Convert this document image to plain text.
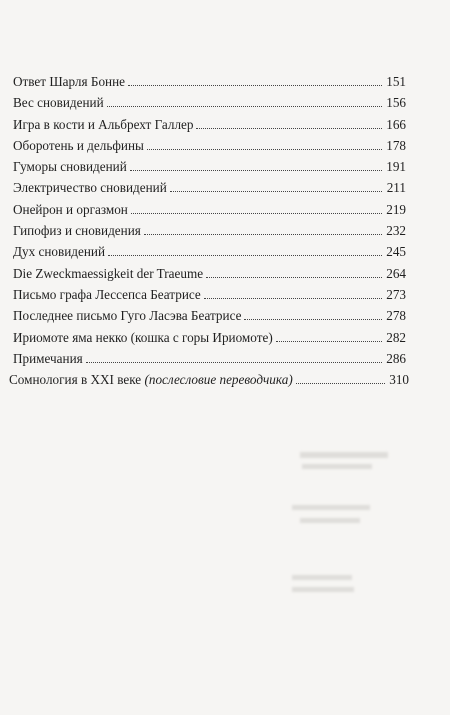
Ответ Шарля Бонне	151
Вес сновидений	156
Игра в кости и Альбрехт Галлер	166
Оборотень и дельфины	178
Гуморы сновидений	191
Электричество сновидений	211
Онейрон и оргазмон	219
Гипофиз и сновидения	232
Дух сновидений	245
Die Zweckmaessigkeit der Traeume	264
Письмо графа Лессепса Беатрисе	273
Последнее письмо Гуго Ласэва Беатрисе	278
Ириомоте яма некко (кошка с горы Ириомоте)	282
Примечания	286
Сомнология в XXI веке (послесловие переводчика)	310
